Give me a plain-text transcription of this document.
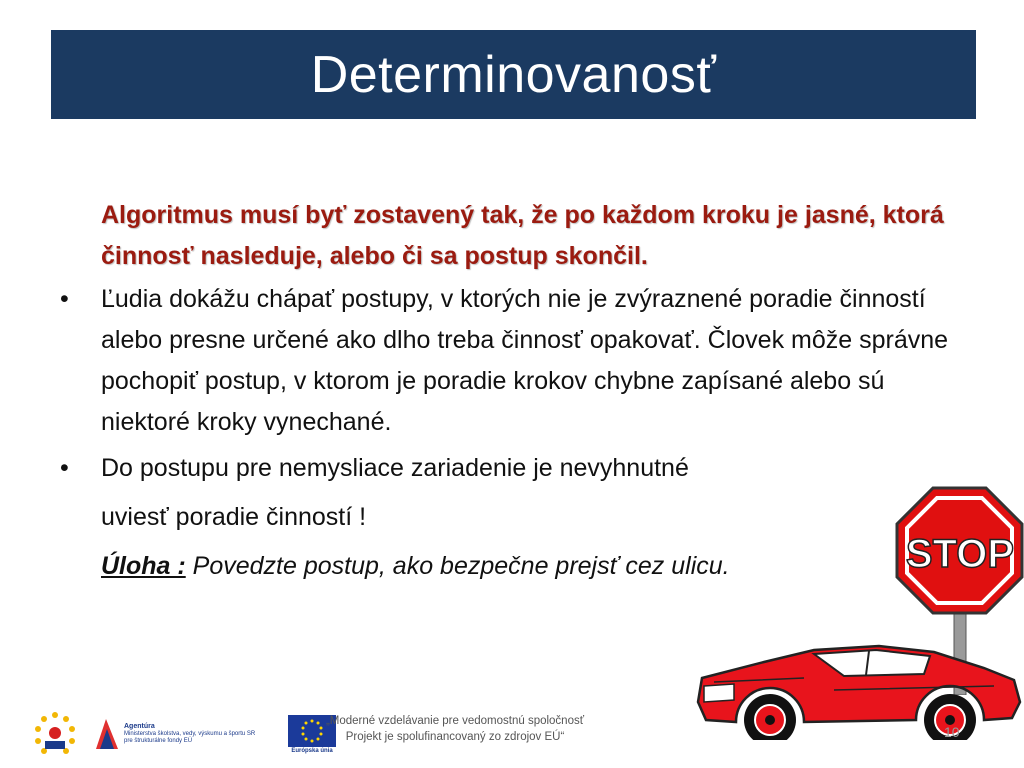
Determinovanosť
Algoritmus musí byť zostavený tak, že po každom kroku je jasné, ktorá činnosť nasleduje, alebo či sa postup skončil.
• Ľudia dokážu chápať postupy, v ktorých nie je zvýraznené poradie činností alebo presne určené ako dlho treba činnosť opakovať. Človek môže správne pochopiť postup, v ktorom je poradie krokov chybne zapísané alebo sú niektoré kroky vynechané.
• Do postupu pre nemysliace zariadenie je nevyhnutné
uviesť poradie činností !
Úloha : Povedzte postup, ako bezpečne prejsť cez ulicu.	STOP
Agentúra
Ministerstva školstva, vedy, výskumu a športu SR
pre štrukturálne fondy EÚ
Európska únia
„Moderné vzdelávanie pre vedomostnú spoločnosť
Projekt je spolufinancovaný zo zdrojov EÚ“	10
